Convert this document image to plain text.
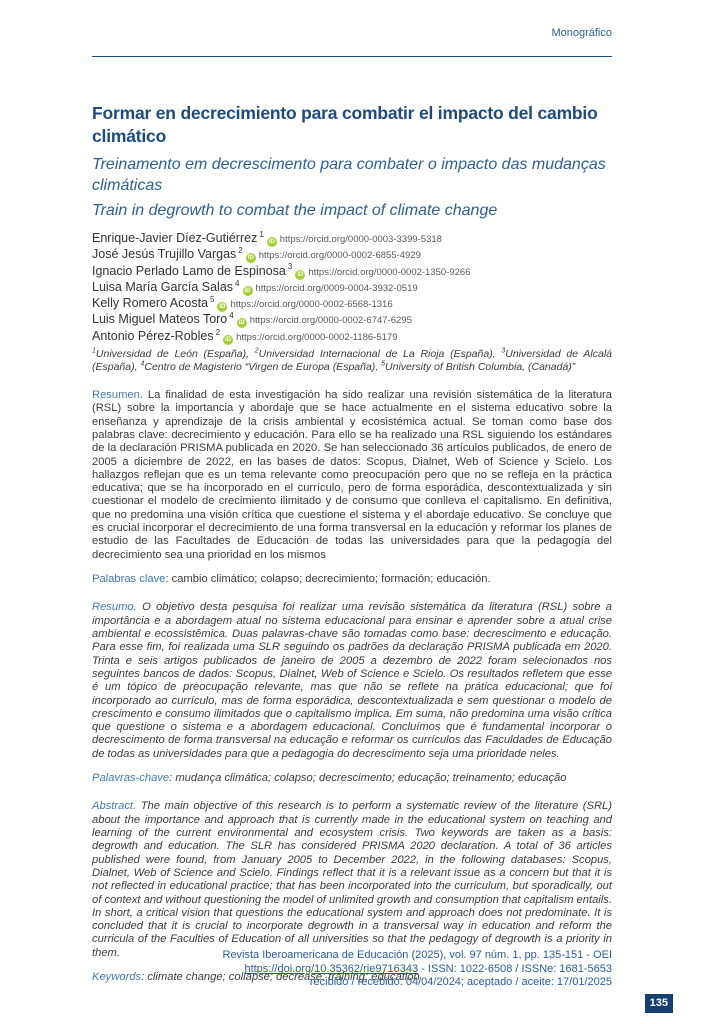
Monográfico
Formar en decrecimiento para combatir el impacto del cambio climático
Treinamento em decrescimento para combater o impacto das mudanças climáticas
Train in degrowth to combat the impact of climate change
Enrique-Javier Díez-Gutiérrez $^1$iD https://orcid.org/0000-0003-3399-5318
José Jesús Trujillo Vargas $^2$iD https://orcid.org/0000-0002-6855-4929
Ignacio Perlado Lamo de Espinosa $^3$iD https://orcid.org/0000-0002-1350-9266
Luisa María García Salas $^4$iD https://orcid.org/0009-0004-3932-0519
Kelly Romero Acosta $^5$iD https://orcid.org/0000-0002-6568-1316
Luis Miguel Mateos Toro $^4$iD https://orcid.org/0000-0002-6747-6295
Antonio Pérez-Robles $^2$iD https://orcid.org/0000-0002-1186-5179

$^1$Universidad de León (España), $^2$Universidad Internacional de La Rioja (España), $^3$Universidad de Alcalá (España), $^4$Centro de Magisterio “Virgen de Europa (España), $^5$University of British Columbia, (Canadá)”

Resumen. La finalidad de esta investigación ha sido realizar una revisión sistemática de la literatura (RSL) sobre la importancia y abordaje que se hace actualmente en el sistema educativo sobre la enseñanza y aprendizaje de la crisis ambiental y ecosistémica actual. Se toman como base dos palabras clave: decrecimiento y educación. Para ello se ha realizado una RSL siguiendo los estándares de la declaración PRISMA publicada en 2020. Se han seleccionado 36 artículos publicados, de enero de 2005 a diciembre de 2022, en las bases de datos: Scopus, Dialnet, Web of Science y Scielo. Los hallazgos reflejan que es un tema relevante como preocupación pero que no se refleja en la práctica educativa; que se ha incorporado en el currículo, pero de forma esporádica, descontextualizada y sin cuestionar el modelo de crecimiento ilimitado y de consumo que conlleva el capitalismo. En definitiva, que no predomina una visión crítica que cuestione el sistema y el abordaje educativo. Se concluye que es crucial incorporar el decrecimiento de una forma transversal en la educación y reformar los planes de estudio de las Facultades de Educación de todas las universidades para que la pedagogía del decrecimiento sea una prioridad en los mismos

Palabras clave: cambio climático; colapso; decrecimiento; formación; educación.

Resumo. O objetivo desta pesquisa foi realizar uma revisão sistemática da literatura (RSL) sobre a importância e a abordagem atual no sistema educacional para ensinar e aprender sobre a atual crise ambiental e ecossistêmica. Duas palavras-chave são tomadas como base: decrescimento e educação. Para esse fim, foi realizada uma SLR seguindo os padrões da declaração PRISMA publicada em 2020. Trinta e seis artigos publicados de janeiro de 2005 a dezembro de 2022 foram selecionados nos seguintes bancos de dados: Scopus, Dialnet, Web of Science e Scielo. Os resultados refletem que esse é um tópico de preocupação relevante, mas que não se reflete na prática educacional; que foi incorporado ao currículo, mas de forma esporádica, descontextualizada e sem questionar o modelo de crescimento e consumo ilimitados que o capitalismo implica. Em suma, não predomina uma visão crítica que questione o sistema e a abordagem educacional. Concluímos que é fundamental incorporar o decrescimento de forma transversal na educação e reformar os currículos das Faculdades de Educação de todas as universidades para que a pedagogia do decrescimento seja uma prioridade neles.

Palavras-chave: mudança climática; colapso; decrescimento; educação; treinamento; educação

Abstract. The main objective of this research is to perform a systematic review of the literature (SRL) about the importance and approach that is currently made in the educational system on teaching and learning of the current environmental and ecosystem crisis. Two keywords are taken as a basis: degrowth and education. The SLR has considered PRISMA 2020 declaration. A total of 36 articles published were found, from January 2005 to December 2022, in the following databases: Scopus, Dialnet, Web of Science and Scielo. Findings reflect that it is a relevant issue as a concern but that it is not reflected in educational practice; that has been incorporated into the curriculum, but sporadically, out of context and without questioning the model of unlimited growth and consumption that capitalism entails. In short, a critical vision that questions the educational system and approach does not predominate. It is concluded that it is crucial to incorporate degrowth in a transversal way in education and reform the curricula of the Faculties of Education of all universities so that the pedagogy of degrowth is a priority in them.

Keywords: climate change; collapse; decrease; training; education

Revista Iberoamericana de Educación (2025), vol. 97 núm. 1, pp. 135-151 - OEI
https://doi.org/10.35362/rie9716343 - ISSN: 1022-6508 / ISSNe: 1681-5653
recibido / recebido: 04/04/2024; aceptado / aceite: 17/01/2025
135
